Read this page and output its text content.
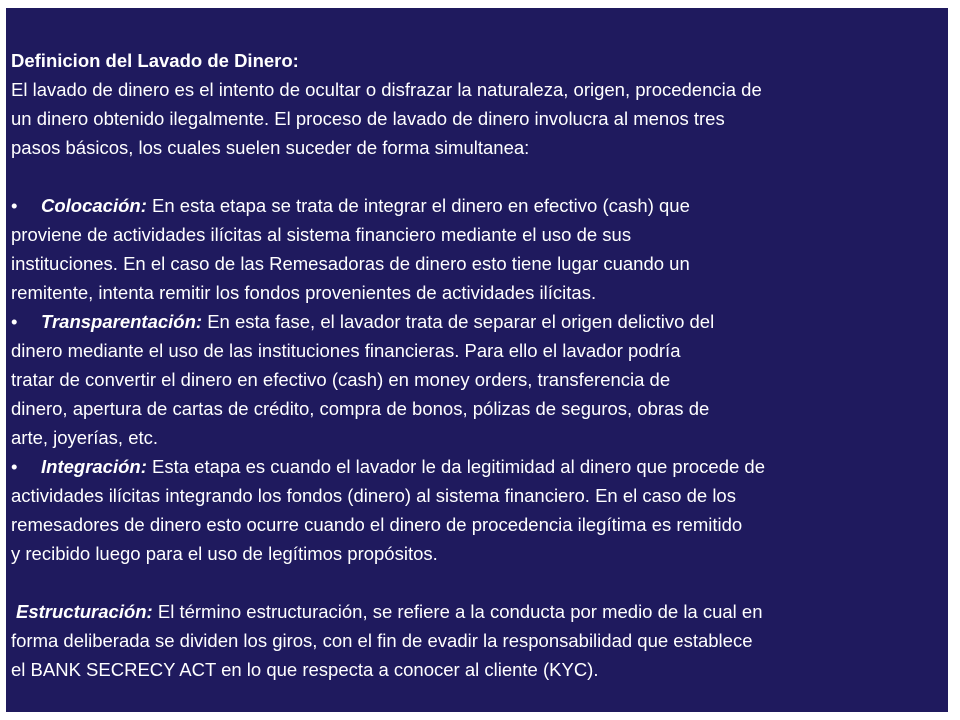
Definicion del Lavado de Dinero:

El lavado de dinero es el intento de ocultar o disfrazar la naturaleza, origen, procedencia de

un dinero obtenido ilegalmente. El proceso de lavado de dinero involucra al menos tres

pasos básicos, los cuales suelen suceder de forma simultanea:

• Colocación: En esta etapa se trata de integrar el dinero en efectivo (cash) que

proviene de actividades ilícitas al sistema financiero mediante el uso de sus

instituciones. En el caso de las Remesadoras de dinero esto tiene lugar cuando un

remitente, intenta remitir los fondos provenientes de actividades ilícitas.

• Transparentación: En esta fase, el lavador trata de separar el origen delictivo del

dinero mediante el uso de las instituciones financieras. Para ello el lavador podría

tratar de convertir el dinero en efectivo (cash) en money orders, transferencia de

dinero, apertura de cartas de crédito, compra de bonos, pólizas de seguros, obras de

arte, joyerías, etc.

• Integración: Esta etapa es cuando el lavador le da legitimidad al dinero que procede de

actividades ilícitas integrando los fondos (dinero) al sistema financiero. En el caso de los

remesadores de dinero esto ocurre cuando el dinero de procedencia ilegítima es remitido

y recibido luego para el uso de legítimos propósitos.

Estructuración: El término estructuración, se refiere a la conducta por medio de la cual en

forma deliberada se dividen los giros, con el fin de evadir la responsabilidad que establece

el BANK SECRECY ACT en lo que respecta a conocer al cliente (KYC).
